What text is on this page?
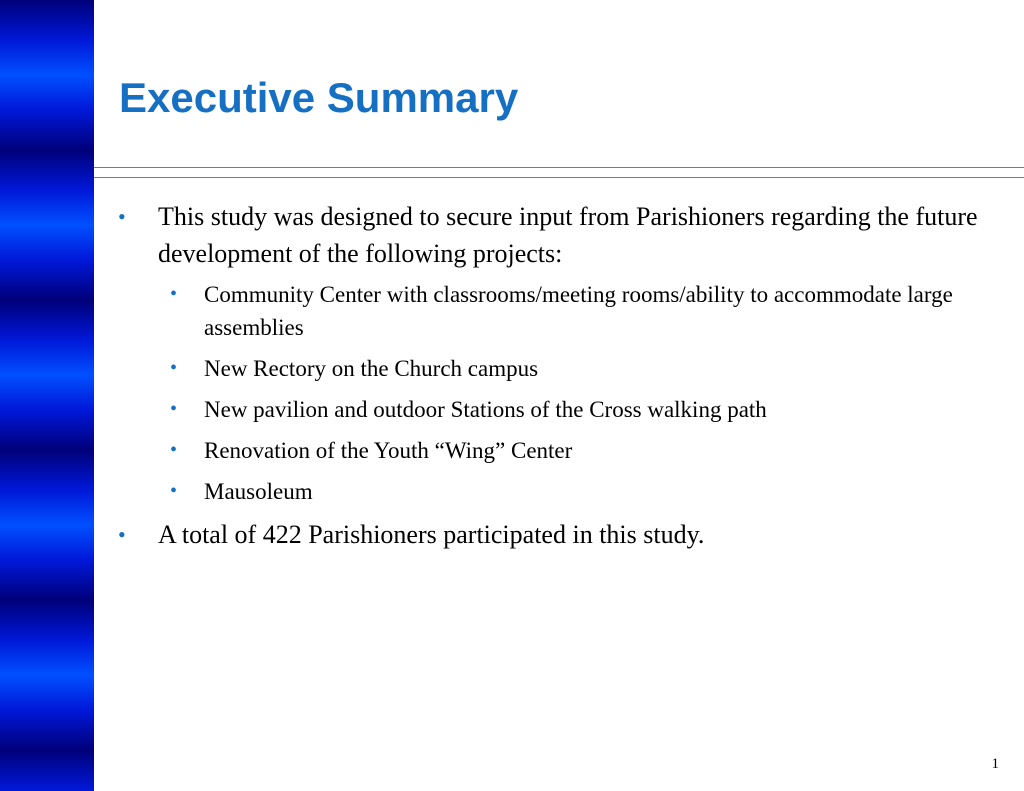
Executive Summary
• This study was designed to secure input from Parishioners regarding the future development of the following projects:
• Community Center with classrooms/meeting rooms/ability to accommodate large assemblies
• New Rectory on the Church campus
• New pavilion and outdoor Stations of the Cross walking path
• Renovation of the Youth “Wing” Center
• Mausoleum
• A total of 422 Parishioners participated in this study.
1
